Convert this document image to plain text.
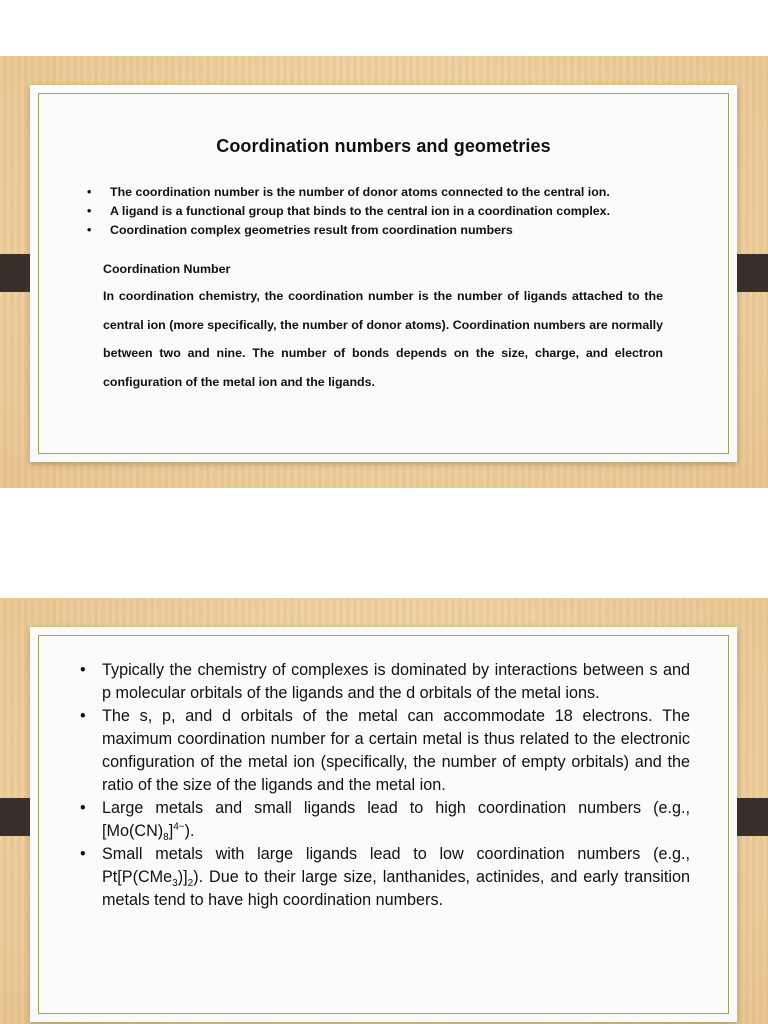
Coordination numbers and geometries
• The coordination number is the number of donor atoms connected to the central ion.
• A ligand is a functional group that binds to the central ion in a coordination complex.
• Coordination complex geometries result from coordination numbers
Coordination Number

In coordination chemistry, the coordination number is the number of ligands attached to the central ion (more specifically, the number of donor atoms). Coordination numbers are normally between two and nine. The number of bonds depends on the size, charge, and electron configuration of the metal ion and the ligands.

• Typically the chemistry of complexes is dominated by interactions between s and p molecular orbitals of the ligands and the d orbitals of the metal ions.
• The s, p, and d orbitals of the metal can accommodate 18 electrons. The maximum coordination number for a certain metal is thus related to the electronic configuration of the metal ion (specifically, the number of empty orbitals) and the ratio of the size of the ligands and the metal ion.
• Large metals and small ligands lead to high coordination numbers (e.g., $[Mo(CN)_8]^{4-}$).
• Small metals with large ligands lead to low coordination numbers (e.g., $Pt[P(CMe_3)]_2$). Due to their large size, lanthanides, actinides, and early transition metals tend to have high coordination numbers.
